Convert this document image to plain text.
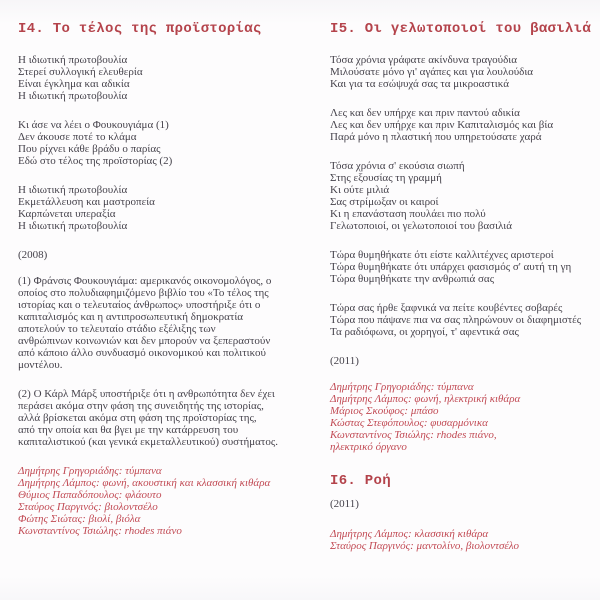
Ι4. Το τέλος της προϊστορίας
Η ιδιωτική πρωτοβουλία
Στερεί συλλογική ελευθερία
Είναι έγκλημα και αδικία
Η ιδιωτική πρωτοβουλία
Κι άσε να λέει ο Φουκουγιάμα (1)
Δεν άκουσε ποτέ το κλάμα
Που ρίχνει κάθε βράδυ ο παρίας
Εδώ στο τέλος της προϊστορίας (2)
Η ιδιωτική πρωτοβουλία
Εκμετάλλευση και μαστροπεία
Καρπώνεται υπεραξία
Η ιδιωτική πρωτοβουλία
(2008)
(1) Φράνσις Φουκουγιάμα: αμερικανός οικονομολόγος, ο
οποίος στο πολυδιαφημιζόμενο βιβλίο του «Το τέλος της
ιστορίας και ο τελευταίος άνθρωπος» υποστήριξε ότι ο
καπιταλισμός και η αντιπροσωπευτική δημοκρατία
αποτελούν το τελευταίο στάδιο εξέλιξης των
ανθρώπινων κοινωνιών και δεν μπορούν να ξεπεραστούν
από κάποιο άλλο συνδυασμό οικονομικού και πολιτικού
μοντέλου.
(2) Ο Κάρλ Μάρξ υποστήριξε ότι η ανθρωπότητα δεν έχει
περάσει ακόμα στην φάση της συνειδητής της ιστορίας,
αλλά βρίσκεται ακόμα στη φάση της προϊστορίας της,
από την οποία και θα βγει με την κατάρρευση του
καπιταλιστικού (και γενικά εκμεταλλευτικού) συστήματος.
Δημήτρης Γρηγοριάδης: τύμπανα
Δημήτρης Λάμπος: φωνή, ακουστική και κλασσική κιθάρα
Θύμιος Παπαδόπουλος: φλάουτο
Σταύρος Παργινός: βιολοντσέλο
Φώτης Σιώτας: βιολί, βιόλα
Κωνσταντίνος Τσιώλης: rhodes πιάνο
Ι5. Οι γελωτοποιοί του βασιλιά
Τόσα χρόνια γράφατε ακίνδυνα τραγούδια
Μιλούσατε μόνο γι' αγάπες και για λουλούδια
Και για τα εσώψυχά σας τα μικροαστικά
Λες και δεν υπήρχε και πριν παντού αδικία
Λες και δεν υπήρχε και πριν Καπιταλισμός και βία
Παρά μόνο η πλαστική που υπηρετούσατε χαρά
Τόσα χρόνια σ' εκούσια σιωπή
Στης εξουσίας τη γραμμή
Κι ούτε μιλιά
Σας στρίμωξαν οι καιροί
Κι η επανάσταση πουλάει πιο πολύ
Γελωτοποιοί, οι γελωτοποιοί του βασιλιά
Τώρα θυμηθήκατε ότι είστε καλλιτέχνες αριστεροί
Τώρα θυμηθήκατε ότι υπάρχει φασισμός σ' αυτή τη γη
Τώρα θυμηθήκατε την ανθρωπιά σας
Τώρα σας ήρθε ξαφνικά να πείτε κουβέντες σοβαρές
Τώρα που πάψανε πια να σας πληρώνουν οι διαφημιστές
Τα ραδιόφωνα, οι χορηγοί, τ' αφεντικά σας
(2011)
Δημήτρης Γρηγοριάδης: τύμπανα
Δημήτρης Λάμπος: φωνή, ηλεκτρική κιθάρα
Μάριος Σκούφος: μπάσο
Κώστας Στεφόπουλος: φυσαρμόνικα
Κωνσταντίνος Τσιώλης: rhodes πιάνο,
ηλεκτρικό όργανο
Ι6. Ροή
(2011)
Δημήτρης Λάμπος: κλασσική κιθάρα
Σταύρος Παργινός: μαντολίνο, βιολοντσέλο
